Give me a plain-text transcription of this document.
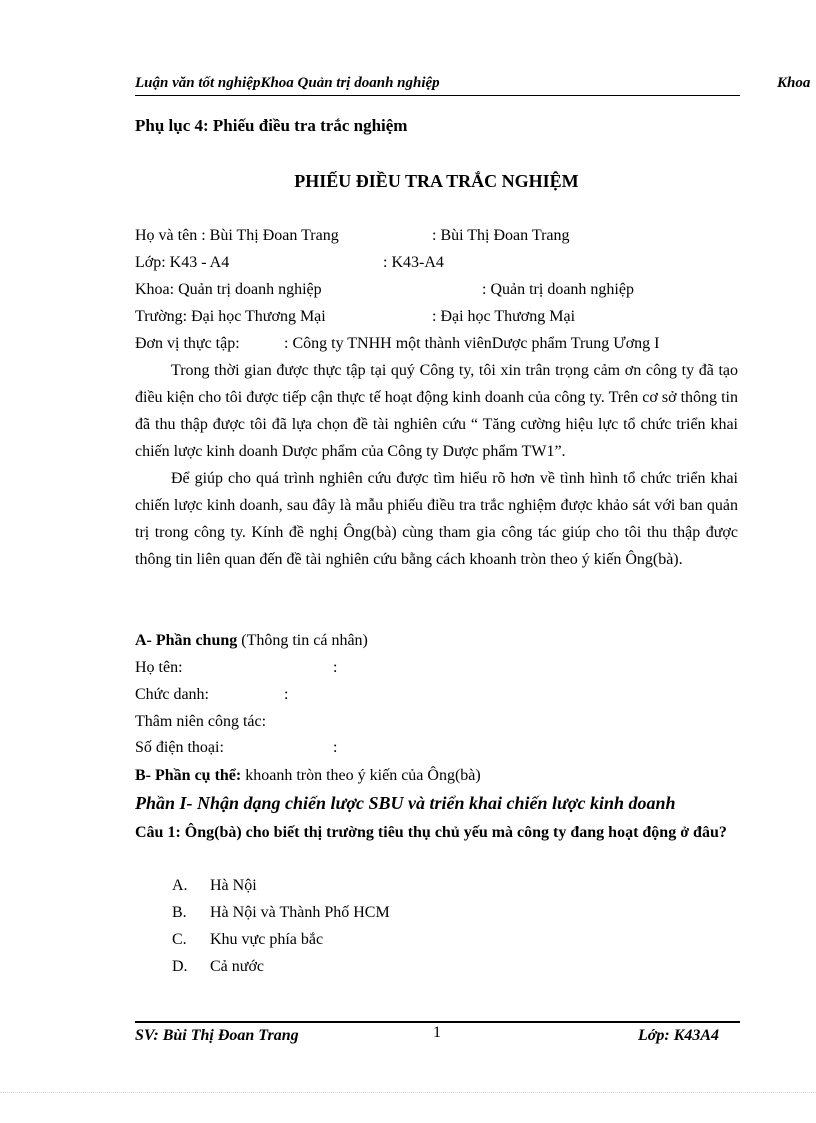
Luận văn tốt nghiệpKhoa Quản trị doanh nghiệp	Khoa
Phụ lục 4: Phiếu điều tra trắc nghiệm
PHIẾU ĐIỀU TRA TRẮC NGHIỆM
Họ và tên : Bùi Thị Đoan Trang	: Bùi Thị Đoan Trang
Lớp: K43 - A4	: K43-A4
Khoa: Quản trị doanh nghiệp	: Quản trị doanh nghiệp
Trường: Đại học Thương Mại	: Đại học Thương Mại
Đơn vị thực tập:	: Công ty TNHH một thành viênDược phẩm Trung Ương I

Trong thời gian được thực tập tại quý Công ty, tôi xin trân trọng cảm ơn công ty đã tạo điều kiện cho tôi được tiếp cận thực tế hoạt động kinh doanh của công ty. Trên cơ sở thông tin đã thu thập được tôi đã lựa chọn đề tài nghiên cứu “ Tăng cường hiệu lực tổ chức triển khai chiến lược kinh doanh Dược phẩm của Công ty Dược phẩm TW1”.

Để giúp cho quá trình nghiên cứu được tìm hiểu rõ hơn về tình hình tổ chức triển khai chiến lược kinh doanh, sau đây là mẫu phiếu điều tra trắc nghiệm được khảo sát với ban quản trị trong công ty. Kính đề nghị Ông(bà) cùng tham gia công tác giúp cho tôi thu thập được thông tin liên quan đến đề tài nghiên cứu bằng cách khoanh tròn theo ý kiến Ông(bà).

A- Phần chung (Thông tin cá nhân)
Họ tên:	:
Chức danh:	:
Thâm niên công tác:
Số điện thoại:	:
B- Phần cụ thể: khoanh tròn theo ý kiến của Ông(bà)
Phần I- Nhận dạng chiến lược SBU và triển khai chiến lược kinh doanh
Câu 1: Ông(bà) cho biết thị trường tiêu thụ chủ yếu mà công ty đang hoạt động ở đâu?
A. Hà Nội
B. Hà Nội và Thành Phố HCM
C. Khu vực phía bắc
D. Cả nước
SV: Bùi Thị Đoan Trang	1	Lớp: K43A4
